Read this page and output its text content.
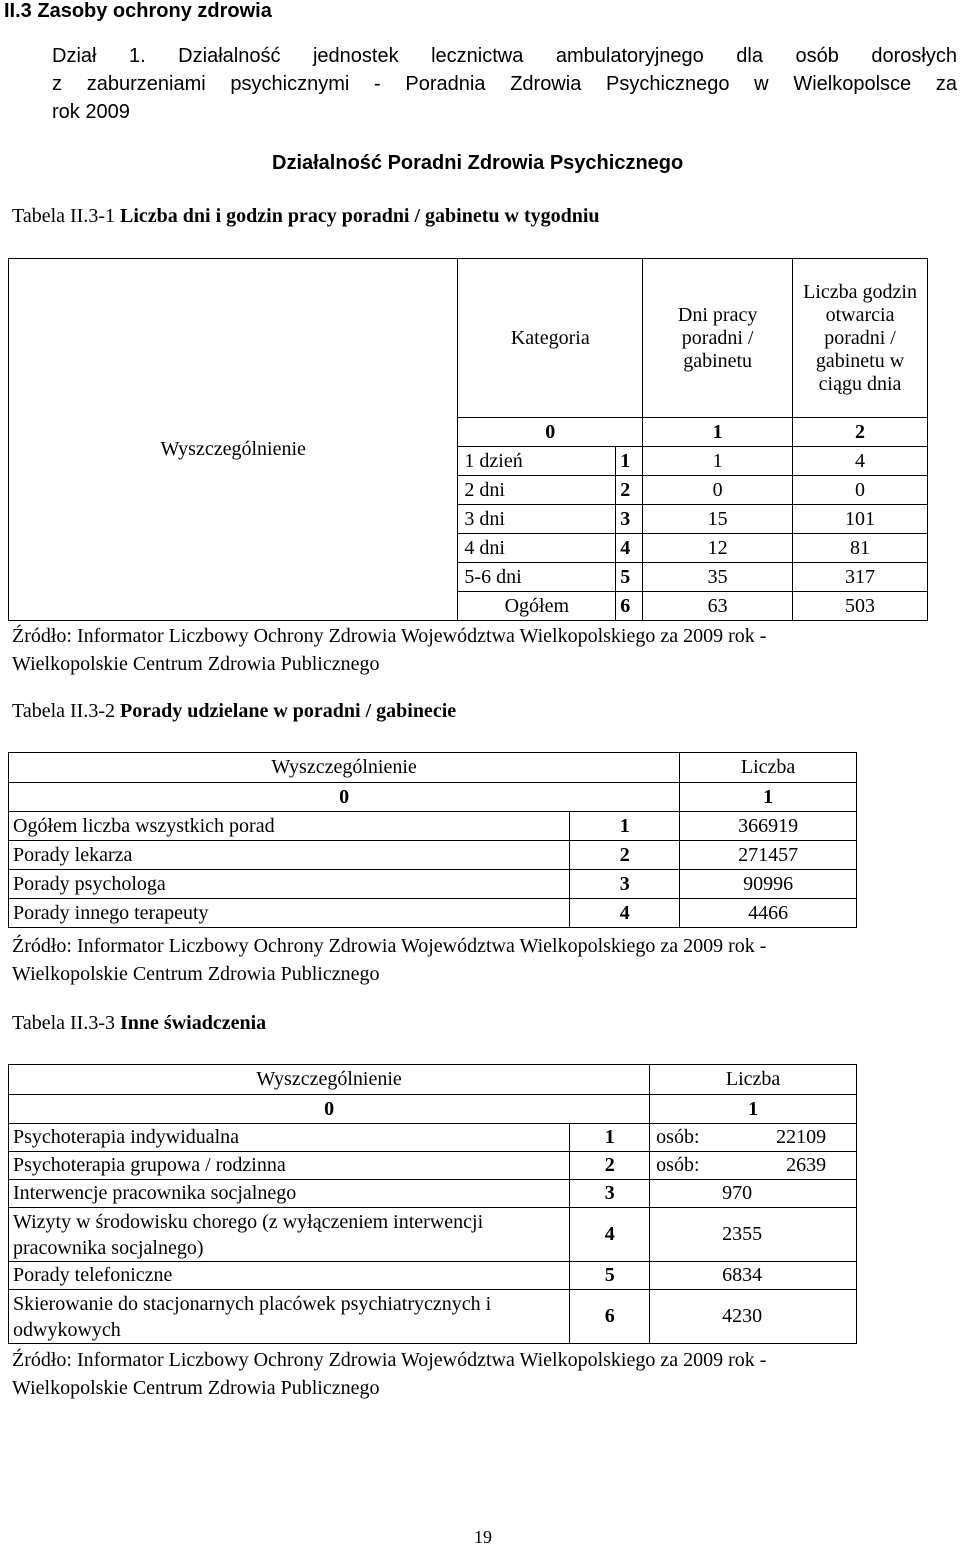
II.3 Zasoby ochrony zdrowia
Dział 1. Działalność jednostek lecznictwa ambulatoryjnego dla osób dorosłych
z zaburzeniami psychicznymi - Poradnia Zdrowia Psychicznego w Wielkopolsce za
rok 2009
Działalność Poradni Zdrowia Psychicznego
Tabela II.3-1 Liczba dni i godzin pracy poradni / gabinetu w tygodniu
Wyszczególnienie	Kategoria		Dni pracy poradni / gabinetu	Liczba godzin otwarcia poradni / gabinetu w ciągu dnia
	0		1	2
	1 dzień	1	1	4
	2 dni	2	0	0
	3 dni	3	15	101
	4 dni	4	12	81
	5-6 dni	5	35	317
	Ogółem	6	63	503
Źródło: Informator Liczbowy Ochrony Zdrowia Województwa Wielkopolskiego za 2009 rok -
Wielkopolskie Centrum Zdrowia Publicznego
Tabela II.3-2 Porady udzielane w poradni / gabinecie
Wyszczególnienie		Liczba
0		1
Ogółem liczba wszystkich porad	1	366919
Porady lekarza	2	271457
Porady psychologa	3	90996
Porady innego terapeuty	4	4466
Źródło: Informator Liczbowy Ochrony Zdrowia Województwa Wielkopolskiego za 2009 rok -
Wielkopolskie Centrum Zdrowia Publicznego
Tabela II.3-3 Inne świadczenia
Wyszczególnienie		Liczba
0		1
Psychoterapia indywidualna	1	osób: 22109
Psychoterapia grupowa / rodzinna	2	osób: 2639
Interwencje pracownika socjalnego	3	970
Wizyty w środowisku chorego (z wyłączeniem interwencji pracownika socjalnego)	4	2355
Porady telefoniczne	5	6834
Skierowanie do stacjonarnych placówek psychiatrycznych i odwykowych	6	4230
Źródło: Informator Liczbowy Ochrony Zdrowia Województwa Wielkopolskiego za 2009 rok -
Wielkopolskie Centrum Zdrowia Publicznego
19
